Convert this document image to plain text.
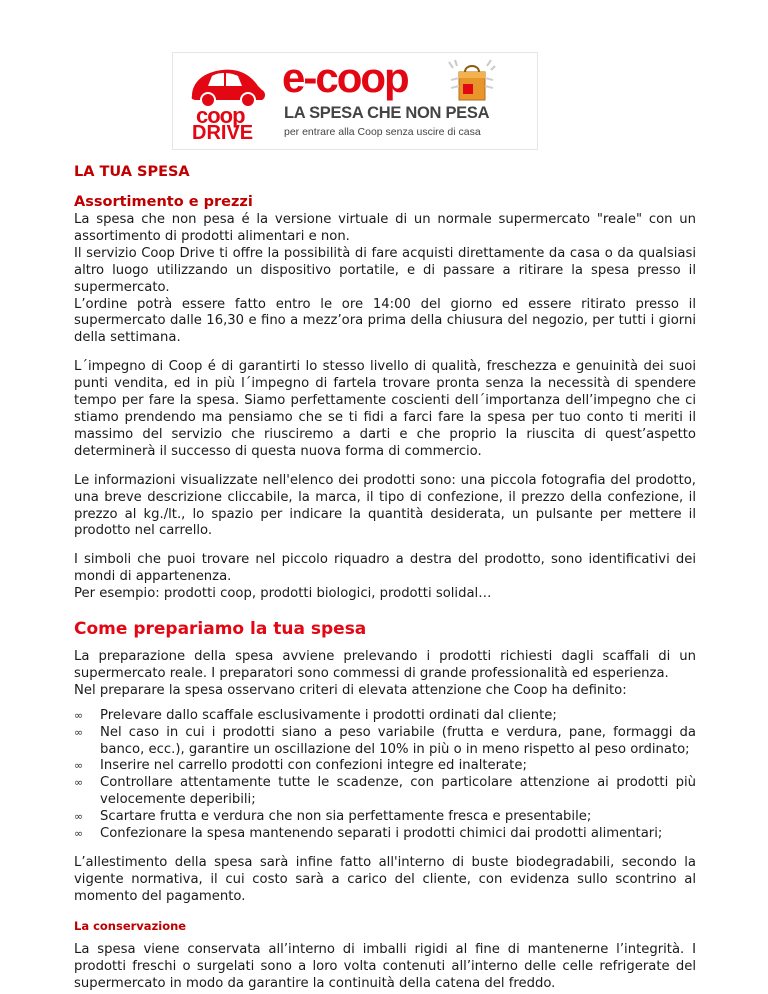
coop
DRIVE
e-coop
LA SPESA CHE NON PESA
per entrare alla Coop senza uscire di casa
LA TUA SPESA
Assortimento e prezzi

La spesa che non pesa é la versione virtuale di un normale supermercato "reale" con un assortimento di prodotti alimentari e non.

Il servizio Coop Drive ti offre la possibilità di fare acquisti direttamente da casa o da qualsiasi altro luogo utilizzando un dispositivo portatile, e di passare a ritirare la spesa presso il supermercato.

L’ordine potrà essere fatto entro le ore 14:00 del giorno ed essere ritirato presso il supermercato dalle 16,30 e fino a mezz’ora prima della chiusura del negozio, per tutti i giorni della settimana.

L´impegno di Coop é di garantirti lo stesso livello di qualità, freschezza e genuinità dei suoi punti vendita, ed in più l´impegno di fartela trovare pronta senza la necessità di spendere tempo per fare la spesa. Siamo perfettamente coscienti dell´importanza dell’impegno che ci stiamo prendendo ma pensiamo che se ti fidi a farci fare la spesa per tuo conto ti meriti il massimo del servizio che riusciremo a darti e che proprio la riuscita di quest’aspetto determinerà il successo di questa nuova forma di commercio.

Le informazioni visualizzate nell'elenco dei prodotti sono: una piccola fotografia del prodotto, una breve descrizione cliccabile, la marca, il tipo di confezione, il prezzo della confezione, il prezzo al kg./lt., lo spazio per indicare la quantità desiderata, un pulsante per mettere il prodotto nel carrello.

I simboli che puoi trovare nel piccolo riquadro a destra del prodotto, sono identificativi dei mondi di appartenenza.

Per esempio: prodotti coop, prodotti biologici, prodotti solidal…

Come prepariamo la tua spesa

La preparazione della spesa avviene prelevando i prodotti richiesti dagli scaffali di un supermercato reale. I preparatori sono commessi di grande professionalità ed esperienza.

Nel preparare la spesa osservano criteri di elevata attenzione che Coop ha definito:

∞ Prelevare dallo scaffale esclusivamente i prodotti ordinati dal cliente;
∞ Nel caso in cui i prodotti siano a peso variabile (frutta e verdura, pane, formaggi da banco, ecc.), garantire un oscillazione del 10% in più o in meno rispetto al peso ordinato;
∞ Inserire nel carrello prodotti con confezioni integre ed inalterate;
∞ Controllare attentamente tutte le scadenze, con particolare attenzione ai prodotti più velocemente deperibili;
∞ Scartare frutta e verdura che non sia perfettamente fresca e presentabile;
∞ Confezionare la spesa mantenendo separati i prodotti chimici dai prodotti alimentari;

L’allestimento della spesa sarà infine fatto all'interno di buste biodegradabili, secondo la vigente normativa, il cui costo sarà a carico del cliente, con evidenza sullo scontrino al momento del pagamento.

La conservazione

La spesa viene conservata all’interno di imballi rigidi al fine di mantenerne l’integrità. I prodotti freschi o surgelati sono a loro volta contenuti all’interno delle celle refrigerate del supermercato in modo da garantire la continuità della catena del freddo.
